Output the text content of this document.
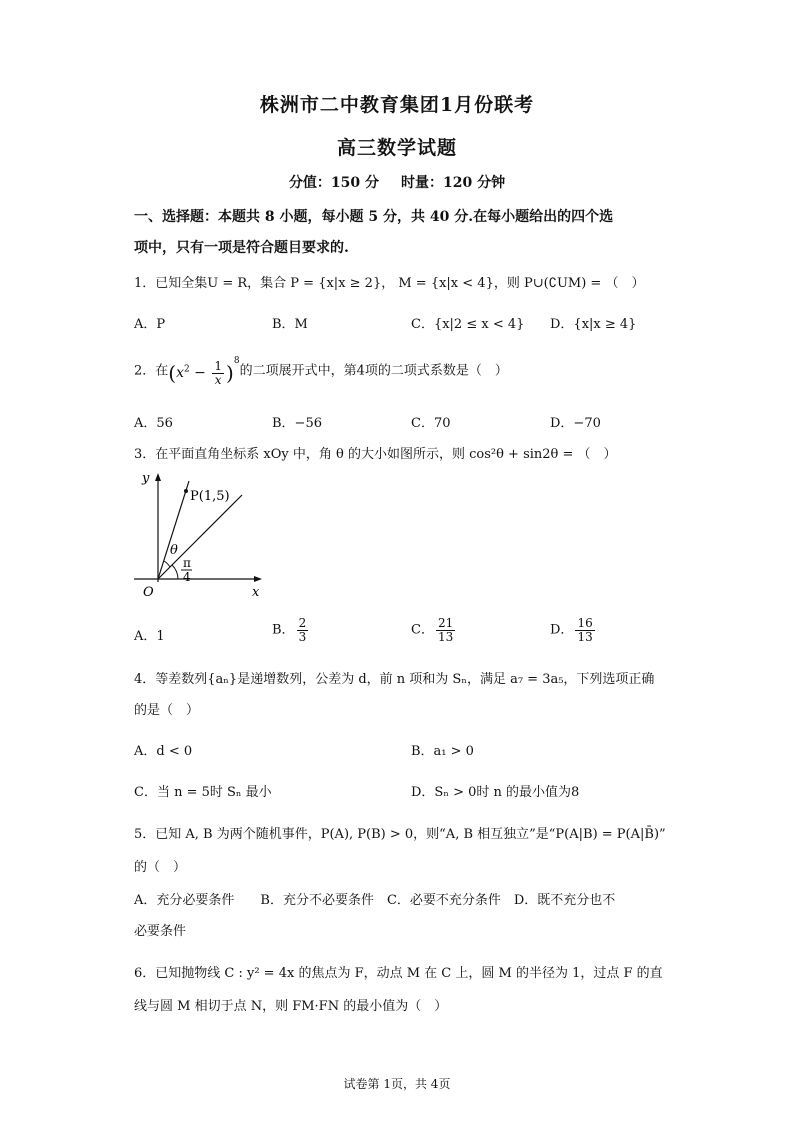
株洲市二中教育集团1月份联考
高三数学试题
分值：150 分 时量：120 分钟
一、选择题：本题共 8 小题，每小题 5 分，共 40 分.在每小题给出的四个选
项中，只有一项是符合题目要求的.
1．已知全集U = R，集合 P = {x|x ≥ 2}， M = {x|x < 4}，则 P∪(∁UM) = （　）
A．P	B．M	C．{x|2 ≤ x < 4} D．{x|x ≥ 4}
2．在$(x^2 - \frac{1}{x} )^8$的二项展开式中，第4项的二项式系数是（　）
A．56	B．−56	C．70	D．−70
3．在平面直角坐标系 xOy 中，角 θ 的大小如图所示，则 cos²θ + sin2θ = （　）
y
x
O
P(1,5)
θ
π
4
A．1	B． $\frac{2}{3}$	C． $\frac{21}{13}$	D． $\frac{16}{13}$
4．等差数列{aₙ}是递增数列，公差为 d，前 n 项和为 Sₙ，满足 a₇ = 3a₅，下列选项正确
的是（　）
A．d < 0	B．a₁ > 0
C．当 n = 5时 Sₙ 最小	D．Sₙ > 0时 n 的最小值为8
5．已知 A, B 为两个随机事件，P(A), P(B) > 0，则“A, B 相互独立”是“P(A|B) = P(A|B̄)”
的（　）
A．充分必要条件　　B．充分不必要条件　C．必要不充分条件　D．既不充分也不
必要条件
6．已知抛物线 C : y² = 4x 的焦点为 F，动点 M 在 C 上，圆 M 的半径为 1，过点 F 的直
线与圆 M 相切于点 N，则 FM·FN 的最小值为（　）
试卷第 1页，共 4页
